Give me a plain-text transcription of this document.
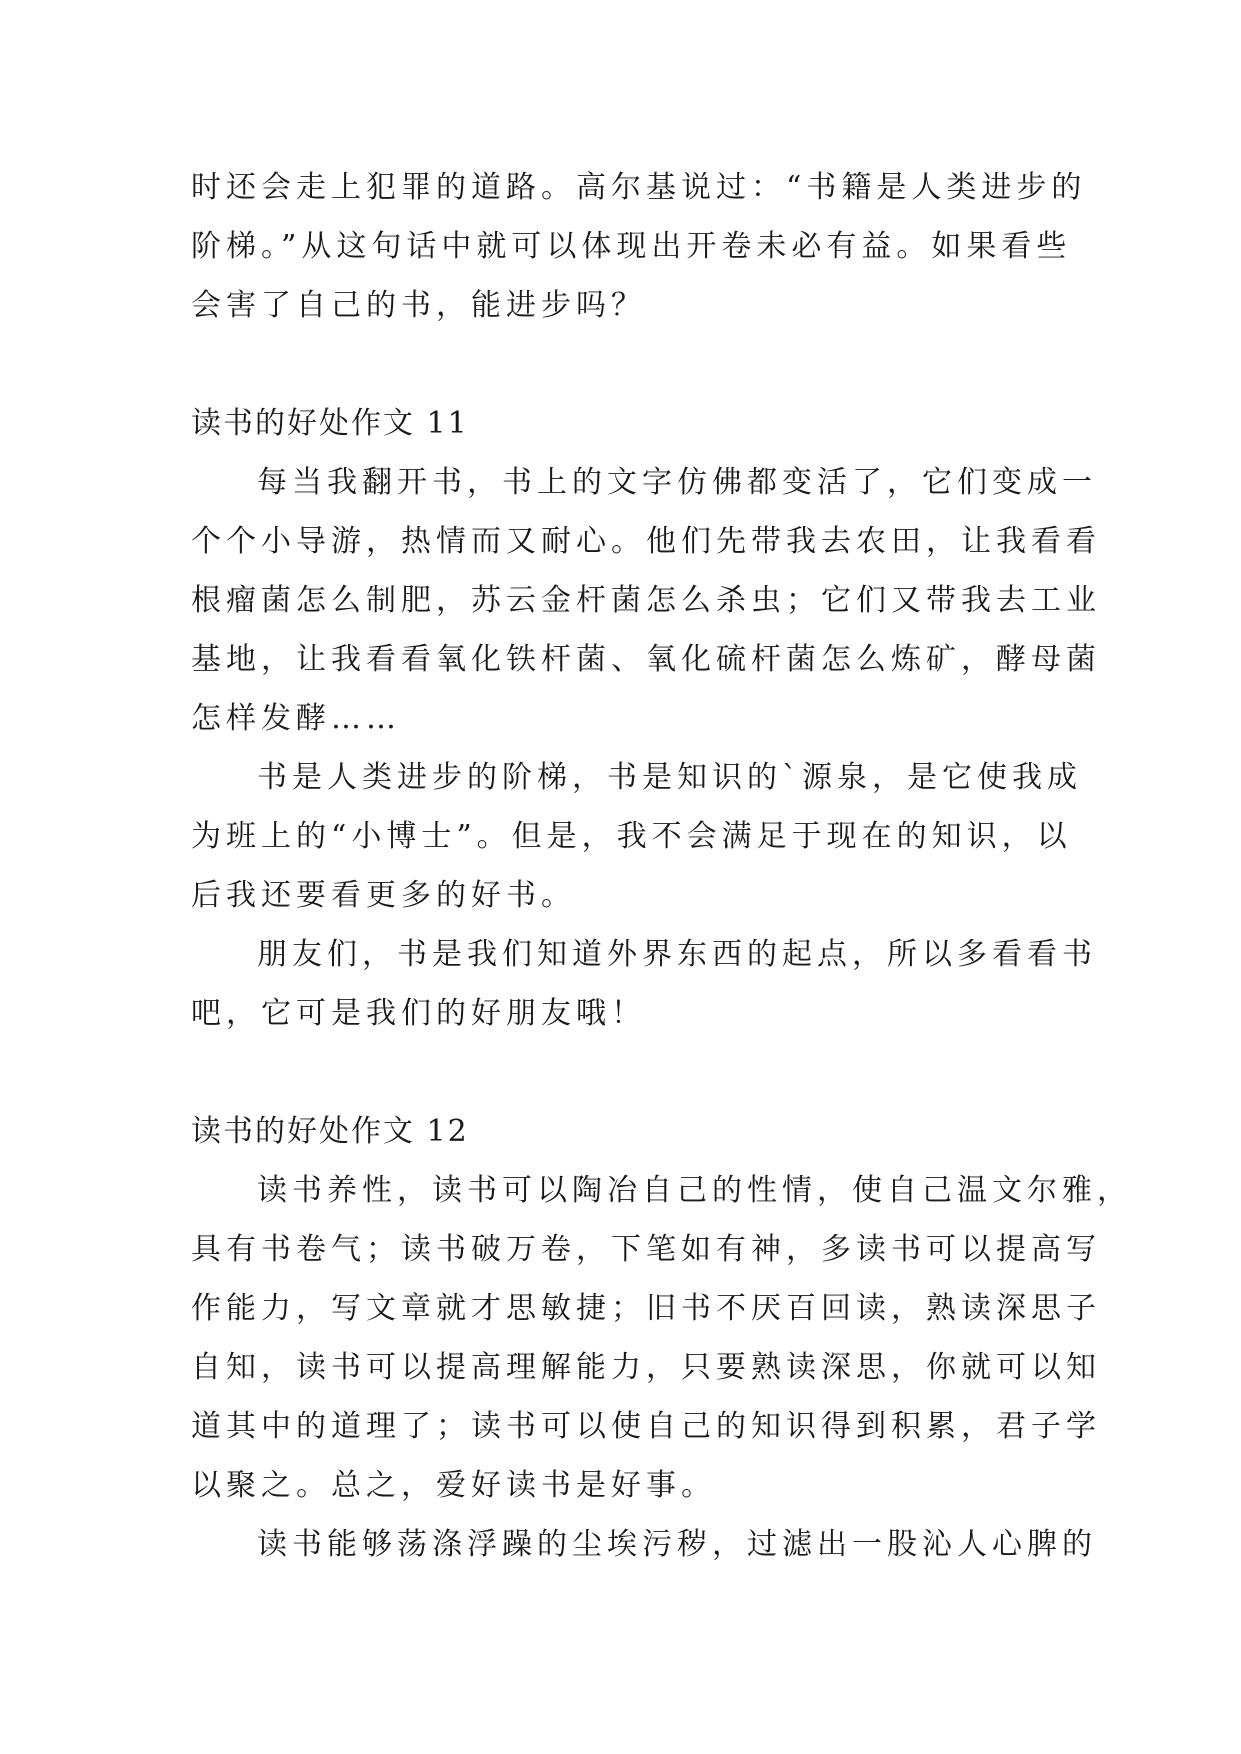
时还会走上犯罪的道路。高尔基说过：“书籍是人类进步的
阶梯。”从这句话中就可以体现出开卷未必有益。如果看些
会害了自己的书，能进步吗？
读书的好处作文 11
每当我翻开书，书上的文字仿佛都变活了，它们变成一
个个小导游，热情而又耐心。他们先带我去农田，让我看看
根瘤菌怎么制肥，苏云金杆菌怎么杀虫；它们又带我去工业
基地，让我看看氧化铁杆菌、氧化硫杆菌怎么炼矿，酵母菌
怎样发酵……
书是人类进步的阶梯，书是知识的`源泉，是它使我成
为班上的“小博士”。但是，我不会满足于现在的知识，以
后我还要看更多的好书。
朋友们，书是我们知道外界东西的起点，所以多看看书
吧，它可是我们的好朋友哦！
读书的好处作文 12
读书养性，读书可以陶冶自己的性情，使自己温文尔雅，
具有书卷气；读书破万卷，下笔如有神，多读书可以提高写
作能力，写文章就才思敏捷；旧书不厌百回读，熟读深思子
自知，读书可以提高理解能力，只要熟读深思，你就可以知
道其中的道理了；读书可以使自己的知识得到积累，君子学
以聚之。总之，爱好读书是好事。
读书能够荡涤浮躁的尘埃污秽，过滤出一股沁人心脾的
